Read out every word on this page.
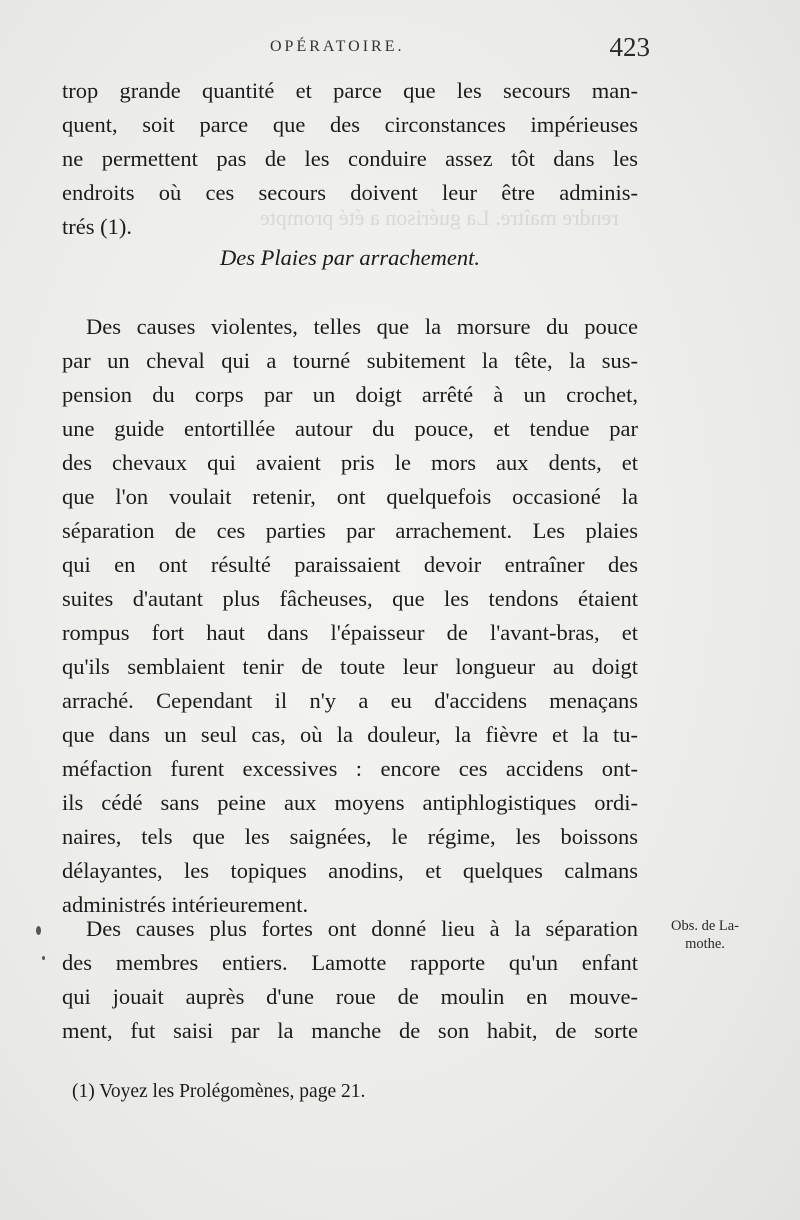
rendre maître. La guérison a été prompte
OPÉRATOIRE.	423
trop grande quantité et parce que les secours man-
quent, soit parce que des circonstances impérieuses
ne permettent pas de les conduire assez tôt dans les
endroits où ces secours doivent leur être adminis-
trés (1).
Des Plaies par arrachement.
Des causes violentes, telles que la morsure du pouce
par un cheval qui a tourné subitement la tête, la sus-
pension du corps par un doigt arrêté à un crochet,
une guide entortillée autour du pouce, et tendue par
des chevaux qui avaient pris le mors aux dents, et
que l'on voulait retenir, ont quelquefois occasioné la
séparation de ces parties par arrachement. Les plaies
qui en ont résulté paraissaient devoir entraîner des
suites d'autant plus fâcheuses, que les tendons étaient
rompus fort haut dans l'épaisseur de l'avant-bras, et
qu'ils semblaient tenir de toute leur longueur au doigt
arraché. Cependant il n'y a eu d'accidens menaçans
que dans un seul cas, où la douleur, la fièvre et la tu-
méfaction furent excessives : encore ces accidens ont-
ils cédé sans peine aux moyens antiphlogistiques ordi-
naires, tels que les saignées, le régime, les boissons
délayantes, les topiques anodins, et quelques calmans
administrés intérieurement.
Des causes plus fortes ont donné lieu à la séparation
des membres entiers. Lamotte rapporte qu'un enfant
qui jouait auprès d'une roue de moulin en mouve-
ment, fut saisi par la manche de son habit, de sorte
Obs. de La-
mothe.
(1) Voyez les Prolégomènes, page 21.
